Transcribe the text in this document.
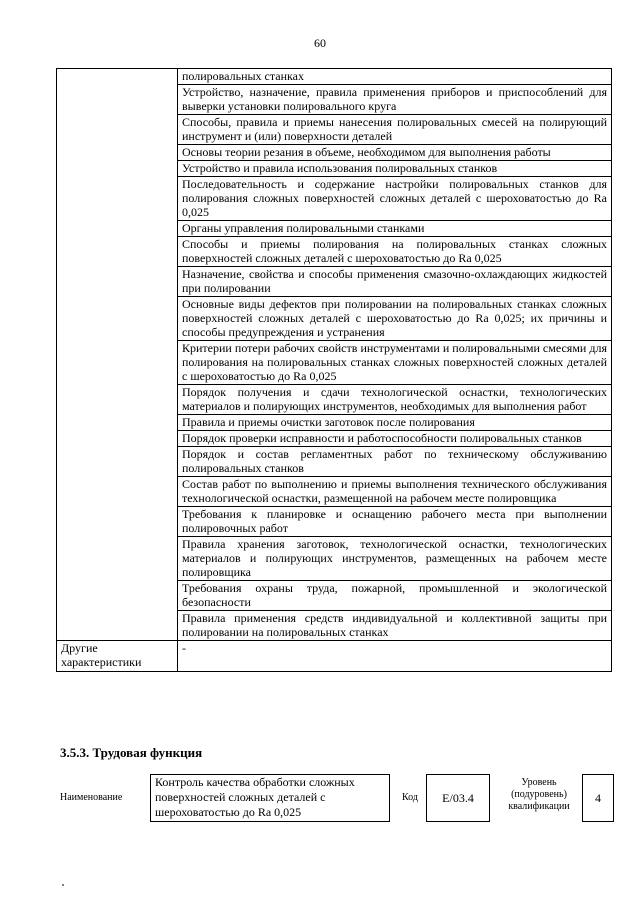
60
	полировальных станках
	Устройство, назначение, правила применения приборов и приспособлений для выверки установки полировального круга
	Способы, правила и приемы нанесения полировальных смесей на полирующий инструмент и (или) поверхности деталей
	Основы теории резания в объеме, необходимом для выполнения работы
	Устройство и правила использования полировальных станков
	Последовательность и содержание настройки полировальных станков для полирования сложных поверхностей сложных деталей с шероховатостью до Ra 0,025
	Органы управления полировальными станками
	Способы и приемы полирования на полировальных станках сложных поверхностей сложных деталей с шероховатостью до Ra 0,025
	Назначение, свойства и способы применения смазочно-охлаждающих жидкостей при полировании
	Основные виды дефектов при полировании на полировальных станках сложных поверхностей сложных деталей с шероховатостью до Ra 0,025; их причины и способы предупреждения и устранения
	Критерии потери рабочих свойств инструментами и полировальными смесями для полирования на полировальных станках сложных поверхностей сложных деталей с шероховатостью до Ra 0,025
	Порядок получения и сдачи технологической оснастки, технологических материалов и полирующих инструментов, необходимых для выполнения работ
	Правила и приемы очистки заготовок после полирования
	Порядок проверки исправности и работоспособности полировальных станков
	Порядок и состав регламентных работ по техническому обслуживанию полировальных станков
	Состав работ по выполнению и приемы выполнения технического обслуживания технологической оснастки, размещенной на рабочем месте полировщика
	Требования к планировке и оснащению рабочего места при выполнении полировочных работ
	Правила хранения заготовок, технологической оснастки, технологических материалов и полирующих инструментов, размещенных на рабочем месте полировщика
	Требования охраны труда, пожарной, промышленной и экологической безопасности
	Правила применения средств индивидуальной и коллективной защиты при полировании на полировальных станках
Другие характеристики	-
3.5.3. Трудовая функция
Наименование
Контроль качества обработки сложных поверхностей сложных деталей с шероховатостью до Ra 0,025
Код	E/03.4
Уровень (подуровень) квалификации
4
